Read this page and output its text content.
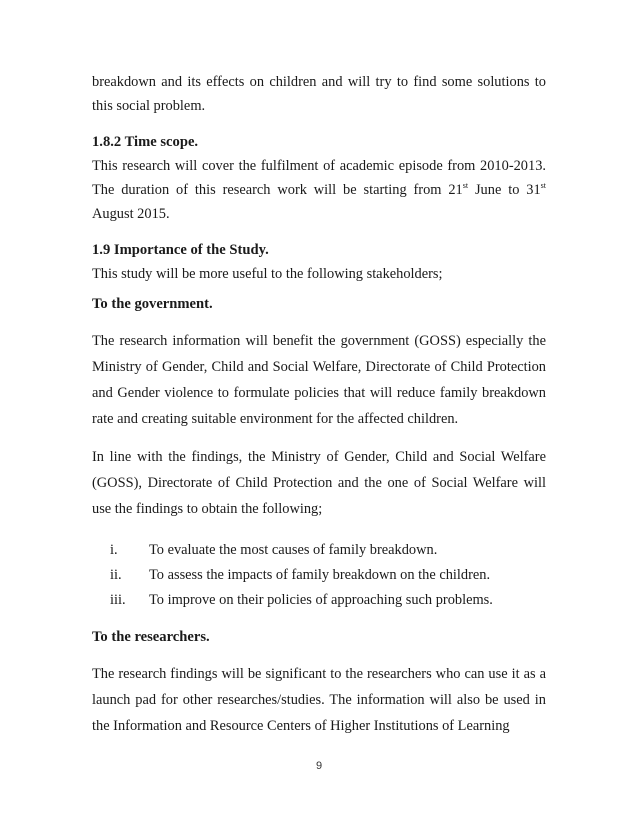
breakdown and its effects on children and will try to find some solutions to this social problem.

1.8.2 Time scope.

This research will cover the fulfilment of academic episode from 2010-2013. The duration of this research work will be starting from 21st June to 31st August 2015.

1.9 Importance of the Study.

This study will be more useful to the following stakeholders;

To the government.

The research information will benefit the government (GOSS) especially the Ministry of Gender, Child and Social Welfare, Directorate of Child Protection and Gender violence to formulate policies that will reduce family breakdown rate and creating suitable environment for the affected children.

In line with the findings, the Ministry of Gender, Child and Social Welfare (GOSS), Directorate of Child Protection and the one of Social Welfare will use the findings to obtain the following;

i.	To evaluate the most causes of family breakdown.
ii.	To assess the impacts of family breakdown on the children.
iii.	To improve on their policies of approaching such problems.

To the researchers.

The research findings will be significant to the researchers who can use it as a launch pad for other researches/studies. The information will also be used in the Information and Resource Centers of Higher Institutions of Learning

9
